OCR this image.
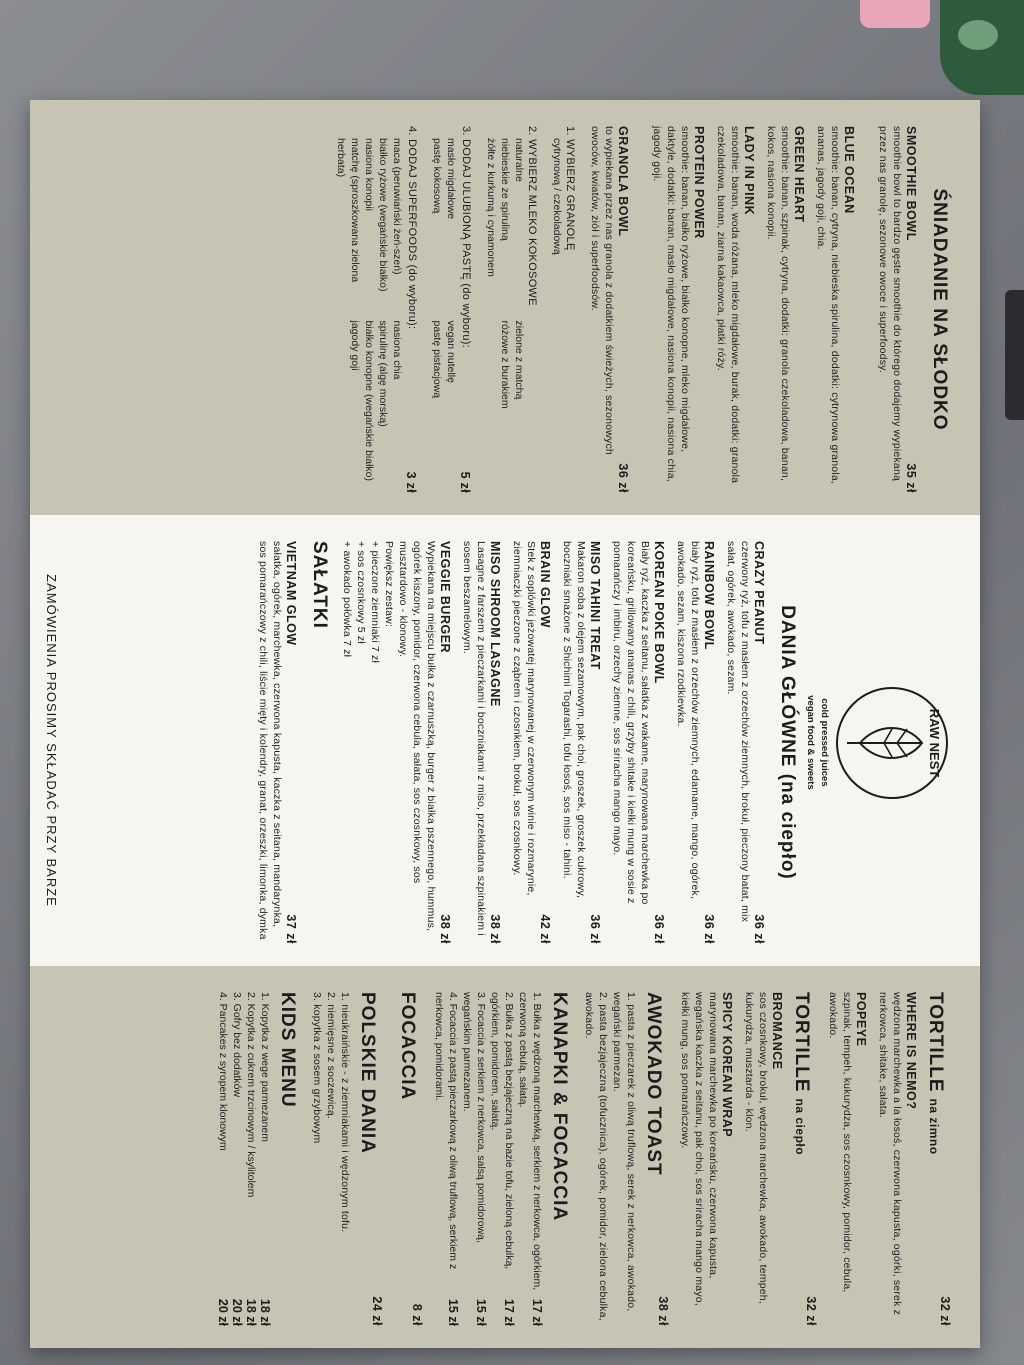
ŚNIADANIE NA SŁODKO
SMOOTHIE BOWL
35 zł
smoothie bowl to bardzo gęste smoothie do którego dodajemy wypiekaną przez nas granolę, sezonowe owoce i superfoodsy.
BLUE OCEAN
smoothie: banan, cytryna, niebieska spirulina, dodatki: cytrynowa granola, ananas, jagody goji, chia.
GREEN HEART
smoothie: banan, szpinak, cytryna, dodatki: granola czekoladowa, banan, kokos, nasiona konopii.
LADY IN PINK
smoothie: banan, woda różana, mleko migdałowe, burak, dodatki: granola czekoladowa, banan, ziarna kakaowca, płatki róży.
PROTEIN POWER
smoothie: banan, białko ryżowe, białko konopne, mleko migdałowe, daktyle, dodatki: banan, masło migdałowe, nasiona konopii, nasiona chia, jagody goji.
GRANOLA BOWL
36 zł
to wypiekana przez nas granola z dodatkiem świeżych, sezonowych owoców, kwiatów, ziół i superfoodsów.
1. WYBIERZ GRANOLĘ
cytrynową / czekoladową
2. WYBIERZ MLEKO KOKOSOWE
naturalne
zielone z matchą
niebieskie ze spiruliną
różowe z burakiem
żółte z kurkumą i cynamonem
3. DODAJ ULUBIONĄ PASTĘ (do wyboru):
5 zł
masło migdałowe
vegan nutellę
pastę kokosową
pastę pistacjową
4. DODAJ SUPERFOODS (do wyboru):
3 zł
maca (peruwiański żeń-szeń)
nasiona chia
białko ryżowe (wegańskie białko)
spirulinę (algę morską)
nasiona konopii
białko konopne (wegańskie białko)
matchę (sproszkowana zielona herbata)
jagody goji
RAW NEST
cold pressed juices
vegan food & sweets
DANIA GŁÓWNE (na ciepło)
CRAZY PEANUT
36 zł
czerwony ryż, tofu z masłem z orzechów ziemnych, brokuł, pieczony batat, mix sałat, ogórek, awokado, sezam.
RAINBOW BOWL
36 zł
biały ryż, tofu z masłem z orzechów ziemnych, edamame, mango, ogórek, awokado, sezam, kiszona rzodkiewka.
KOREAN POKE BOWL
36 zł
Biały ryż, kaczka z seitanu, sałatka z wakame, marynowana marchewka po koreańsku, grillowany ananas z chili, grzyby shitake i kiełki mung w sosie z pomarańczy i imbiru, orzechy ziemne, sos sriracha mango mayo.
MISO TAHINI TREAT
36 zł
Makaron soba z olejem sezamowym, pak choi, groszek, groszek cukrowy, boczniaki smażone z Shichimi Togarashi, tofu łosoś, sos miso - tahini.
BRAIN GLOW
42 zł
Stek z soplówki jeżowatej marynowanej w czerwonym winie i rozmarynie, ziemniaczki pieczone z cząbrem i czosnkiem, brokuł, sos czosnkowy.
MISO SHROOM LASAGNE
38 zł
Lasagne z farszem z pieczarkami i boczniakami z miso, przekładana szpinakiem i sosem beszamelowym.
VEGGIE BURGER
38 zł
Wypiekana na miejscu bułka z czarnuszką, burger z białka pszennego, hummus, ogórek kiszony, pomidor, czerwona cebula, sałata, sos czosnkowy, sos musztardowo - klonowy.
Powiększ zestaw:
+ pieczone ziemniaki 7 zł
+ sos czosnkowy 5 zł
+ awokado połówka 7 zł
SAŁATKI
VIETNAM GLOW
37 zł
sałatka, ogórek, marchewka, czerwona kapusta, kaczka z seitana, mandarynka, sos pomarańczowy z chili, liście mięty i kolendry, granat, orzeszki, limonka, dymka
ZAMÓWIENIA PROSIMY SKŁADAĆ PRZY BARZE
TORTILLE
na zimno
32 zł
WHERE IS NEMO?
wędzona marchewka a la łosoś, czerwona kapusta, ogórki, serek z nerkowca, shitake, sałata.
POPEYE
szpinak, tempeh, kukurydza, sos czosnkowy, pomidor, cebula, awokado.
TORTILLE
na ciepło
32 zł
BROMANCE
sos czosnkowy, brokuł, wędzona marchewka, awokado, tempeh, kukurydza, musztarda - klon.
SPICY KOREAN WRAP
marynowana marchewka po koreańsku, czerwona kapusta, wegańska kaczka z seitanu, pak choi, sos sriracha mango mayo, kiełki mung, sos pomarańczowy.
AWOKADO TOAST
38 zł
1. pasta z pieczarek z oliwą truflową, serek z nerkowca, awokado, wegański parmezan.
2. pasta bezjajeczna (tofucznica), ogórek, pomidor, zielona cebulka, awokado.
KANAPKI & FOCACCIA
1. Bułka z wędzoną marchewką, serkiem z nerkowca, ogórkiem, czerwoną cebulą, sałatą.
17 zł
2. Bułka z pastą bezjajeczną na bazie tofu, zieloną cebulką, ogórkiem, pomidorem, sałatą.
17 zł
3. Focaccia z serkiem z nerkowca, salsą pomidorową, wegańskim parmezanem.
15 zł
4. Focaccia z pastą pieczarkową z oliwą truflową, serkiem z nerkowca, pomidorami.
15 zł
FOCACCIA
8 zł
POLSKIE DANIA
24 zł
1. nieukraińskie - z ziemniakami i wędzonym tofu.
2. niemięsne z soczewicą.
3. kopytka z sosem grzybowym
KIDS MENU
1. Kopytka z wege parmezanem
18 zł
2. Kopytka z cukrem trzcinowym / ksylitolem
18 zł
3. Gofry bez dodatków
20 zł
4. Pancakes z syropem klonowym
20 zł
